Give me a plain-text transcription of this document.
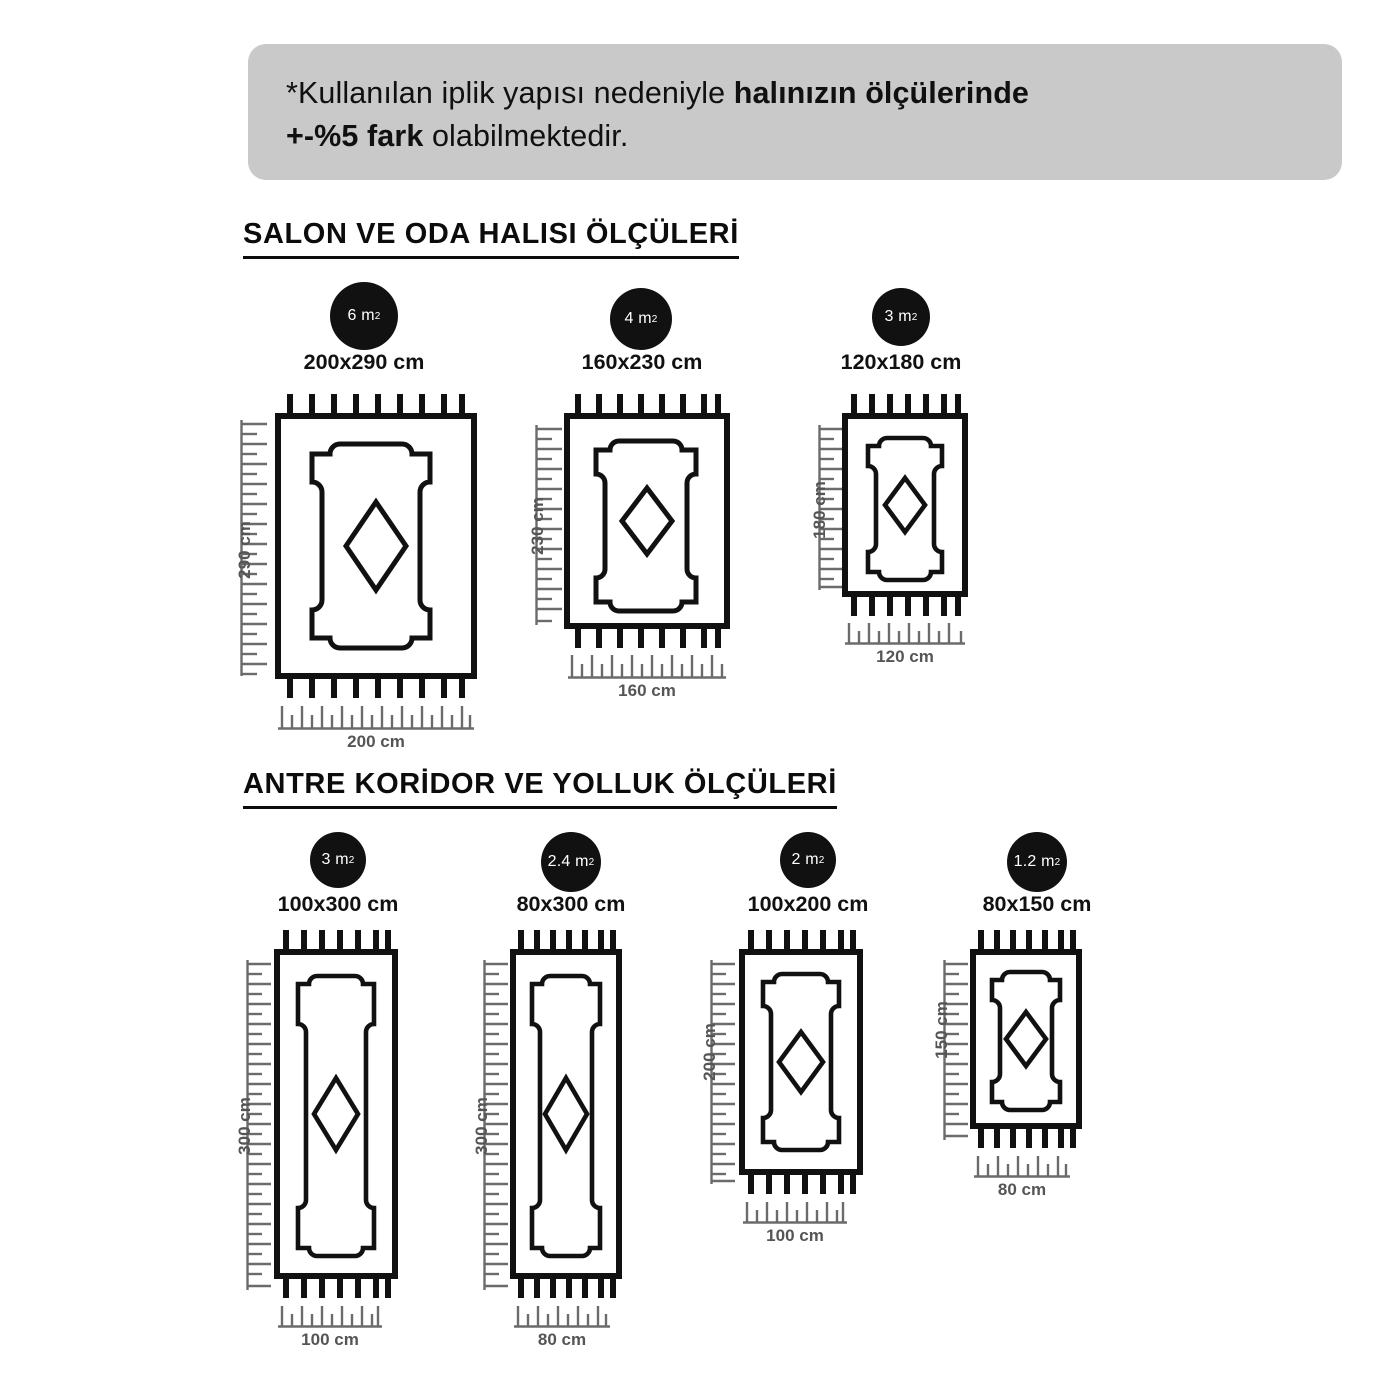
*Kullanılan iplik yapısı nedeniyle halınızın ölçülerinde
+-%5 fark olabilmektedir.
SALON VE ODA HALISI ÖLÇÜLERİ
6 m 2
200x290 cm
290 cm
200 cm
4 m 2
160x230 cm
230 cm
160 cm
3 m 2
120x180 cm
180 cm
120 cm
ANTRE KORİDOR VE YOLLUK ÖLÇÜLERİ
3 m 2
100x300 cm
300 cm
100 cm
2.4 m 2
80x300 cm
300 cm
80 cm
2 m 2
100x200 cm
200 cm
100 cm
1.2 m 2
80x150 cm
150 cm
80 cm
